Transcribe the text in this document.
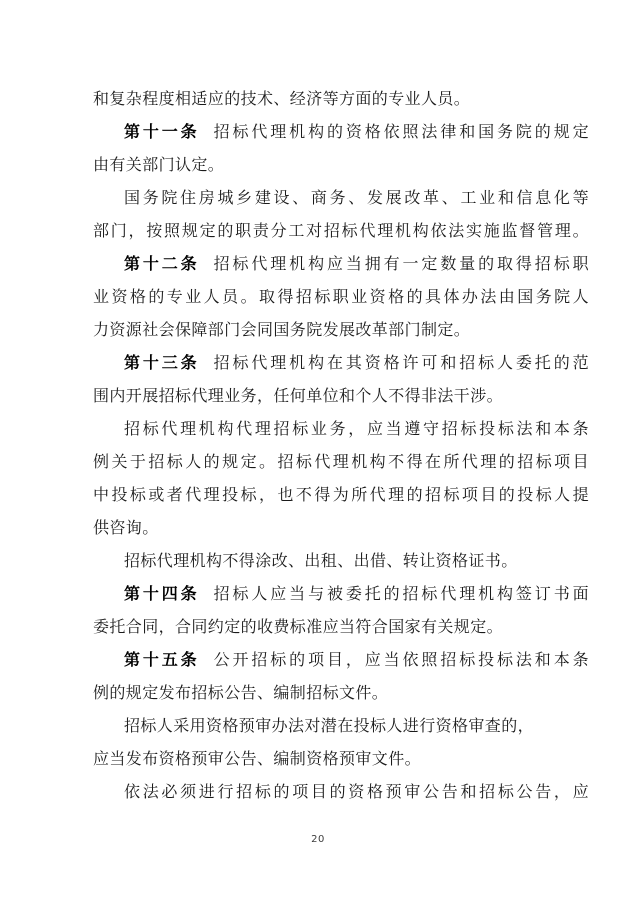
和复杂程度相适应的技术、经济等方面的专业人员。
第十一条 招标代理机构的资格依照法律和国务院的规定
由有关部门认定。
国务院住房城乡建设、商务、发展改革、工业和信息化等
部门，按照规定的职责分工对招标代理机构依法实施监督管理。
第十二条 招标代理机构应当拥有一定数量的取得招标职
业资格的专业人员。取得招标职业资格的具体办法由国务院人
力资源社会保障部门会同国务院发展改革部门制定。
第十三条 招标代理机构在其资格许可和招标人委托的范
围内开展招标代理业务，任何单位和个人不得非法干涉。
招标代理机构代理招标业务，应当遵守招标投标法和本条
例关于招标人的规定。招标代理机构不得在所代理的招标项目
中投标或者代理投标，也不得为所代理的招标项目的投标人提
供咨询。
招标代理机构不得涂改、出租、出借、转让资格证书。
第十四条 招标人应当与被委托的招标代理机构签订书面
委托合同，合同约定的收费标准应当符合国家有关规定。
第十五条 公开招标的项目，应当依照招标投标法和本条
例的规定发布招标公告、编制招标文件。
招标人采用资格预审办法对潜在投标人进行资格审查的，
应当发布资格预审公告、编制资格预审文件。
依法必须进行招标的项目的资格预审公告和招标公告，应
20
